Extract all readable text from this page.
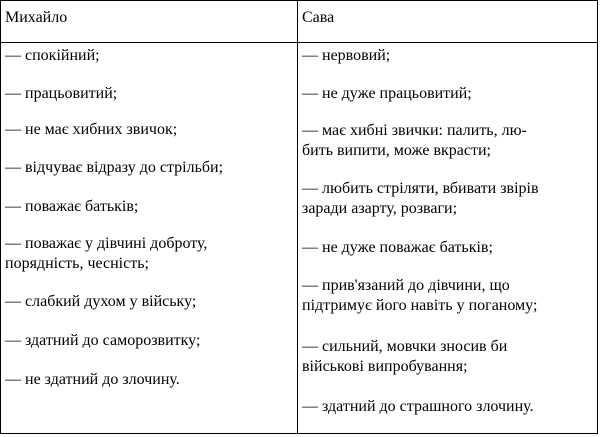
Михайло
— спокійний;
— працьовитий;
— не має хибних звичок;
— відчуває відразу до стрільби;
— поважає батьків;
— поважає у дівчині доброту,
порядність, чесність;
— слабкий духом у війську;
— здатний до саморозвитку;
— не здатний до злочину.
Сава
— нервовий;
— не дуже працьовитий;
— має хибні звички: палить, лю-
бить випити, може вкрасти;
— любить стріляти, вбивати звірів
заради азарту, розваги;
— не дуже поважає батьків;
— прив'язаний до дівчини, що
підтримує його навіть у поганому;
— сильний, мовчки зносив би
військові випробування;
— здатний до страшного злочину.
